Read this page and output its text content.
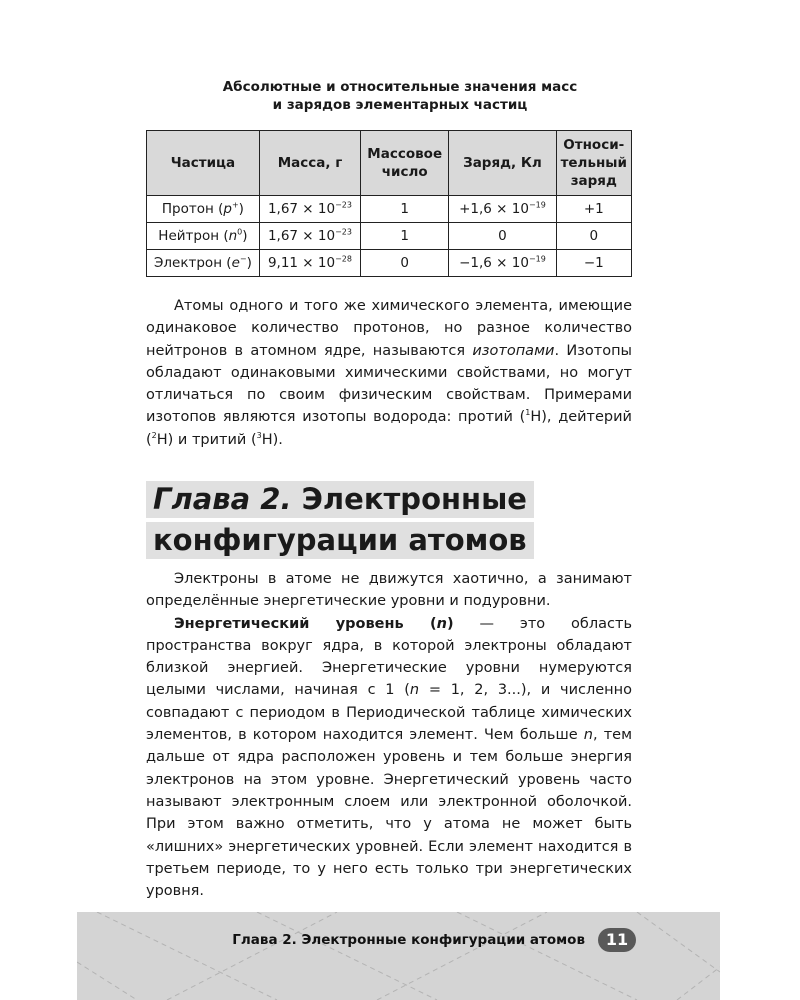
Абсолютные и относительные значения масс
и зарядов элементарных частиц
Частица	Масса, г	Массовое число	Заряд, Кл	Относи-тельный заряд
Протон (p+)	$1,67 \times 10^{-23}$	1	$+1,6 \times 10^{-19}$	+1
Нейтрон $(n^0)$	$1,67 \times 10^{-23}$	1	0	0
Электрон (e−)	$9,11 \times 10^{-28}$	0	$-1,6 \times 10^{-19}$	−1

Атомы одного и того же химического элемента, имеющие одинаковое количество протонов, но разное количество нейтронов в атомном ядре, называются изотопами. Изотопы обладают одинаковыми химическими свойствами, но могут отличаться по своим физическим свойствам. Примерами изотопов являются изотопы водорода: протий ($^1$H), дейтерий ($^2$H) и тритий ($^3$H).

Глава 2. Электронные
конфигурации атомов

Электроны в атоме не движутся хаотично, а занимают определённые энергетические уровни и подуровни.

Энергетический уровень (n) — это область пространства вокруг ядра, в которой электроны обладают близкой энергией. Энергетические уровни нумеруются целыми числами, начиная с 1 (n = 1, 2, 3...), и численно совпадают с периодом в Периодической таблице химических элементов, в котором находится элемент. Чем больше n, тем дальше от ядра расположен уровень и тем больше энергия электронов на этом уровне. Энергетический уровень часто называют электронным слоем или электронной оболочкой. При этом важно отметить, что у атома не может быть «лишних» энергетических уровней. Если элемент находится в третьем периоде, то у него есть только три энергетических уровня.

Глава 2. Электронные конфигурации атомов	11
